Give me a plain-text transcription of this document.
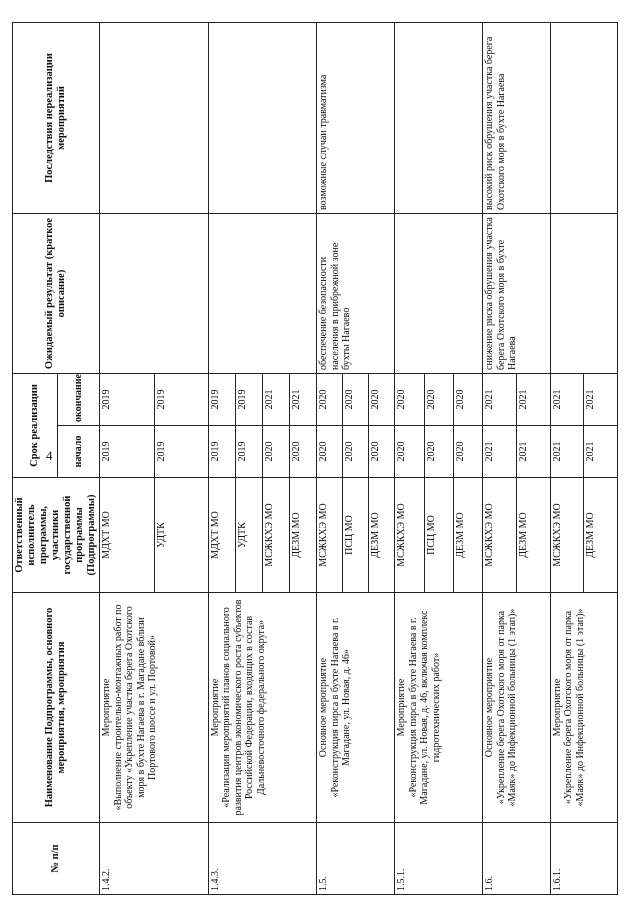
4
№ п/п	Наименование Подпрограммы, основного мероприятия, мероприятия	Ответственный исполнитель программы, участники государственной программы (Подпрограммы)	Срок реализации		Ожидаемый результат (краткое описание)	Последствия нереализации мероприятий
			начало	окончание		
1.4.2.	Мероприятие «Выполнение строительно-монтажных работ по объекту «Укрепление участка берега Охотского моря в бухте Нагаева в г. Магадане вблизи Портового шоссе и ул. Портовой»	МДХТ МО	2019	2019		
		УДТК	2019	2019		
1.4.3.	Мероприятие «Реализация мероприятий планов социального развития центров экономического роста субъектов Российской Федерации, входящих в состав Дальневосточного федерального округа»	МДХТ МО	2019	2019		
		УДТК	2019	2019		
		МСЖКХЭ МО	2020	2021		
		ДЕЗМ МО	2020	2021		
1.5.	Основное мероприятие «Реконструкция пирса в бухте Нагаева в г. Магадане, ул. Новая, д. 46»	МСЖКХЭ МО	2020	2020	обеспечение безопасности населения в прибрежной зоне бухты Нагаево	возможные случаи травматизма
		ПСЦ МО	2020	2020		
		ДЕЗМ МО	2020	2020		
1.5.1.	Мероприятие «Реконструкция пирса в бухте Нагаева в г. Магадане, ул. Новая, д. 46, включая комплекс гидротехнических работ»	МСЖКХЭ МО	2020	2020		
		ПСЦ МО	2020	2020		
		ДЕЗМ МО	2020	2020		
1.6.	Основное мероприятие «Укрепление берега Охотского моря от парка «Маяк» до Инфекционной больницы (1 этап)»	МСЖКХЭ МО	2021	2021	снижение риска обрушения участка берега Охотского моря в бухте Нагаева	высокий риск обрушения участка берега Охотского моря в бухте Нагаева
		ДЕЗМ МО	2021	2021		
1.6.1.	Мероприятие «Укрепление берега Охотского моря от парка «Маяк» до Инфекционной больницы (1 этап)»	МСЖКХЭ МО	2021	2021		
		ДЕЗМ МО	2021	2021		
